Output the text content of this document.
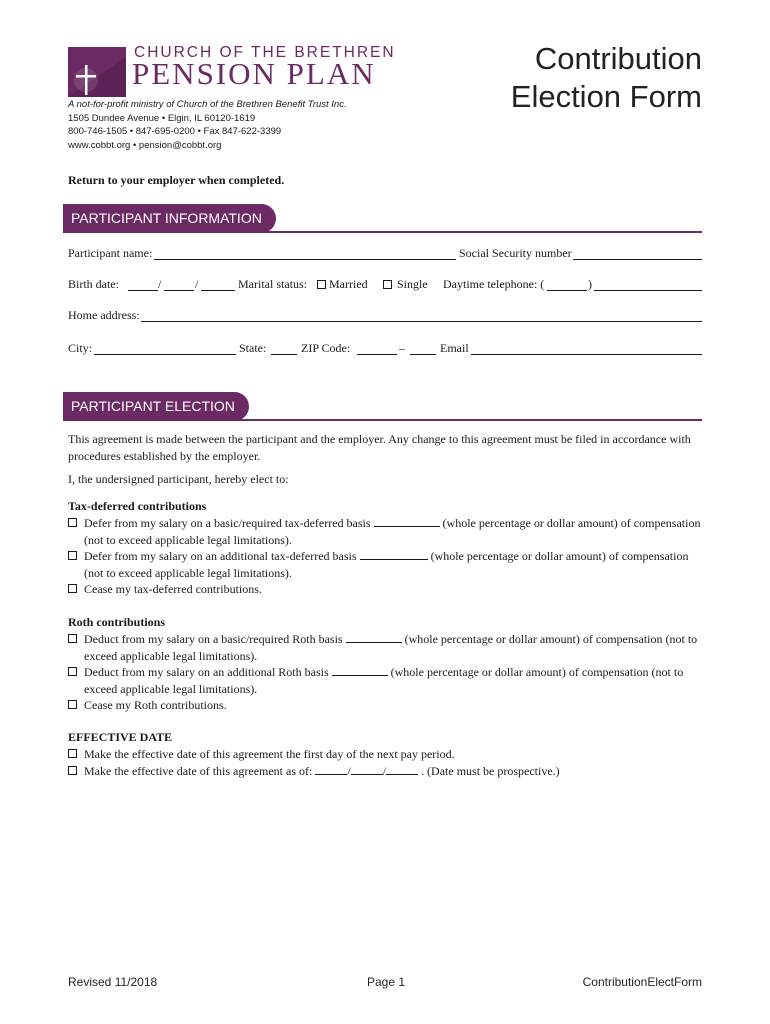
CHURCH OF THE BRETHREN
PENSION PLAN
A not-for-profit ministry of Church of the Brethren Benefit Trust Inc.
1505 Dundee Avenue • Elgin, IL 60120-1619
800-746-1505 • 847-695-0200 • Fax 847-622-3399
www.cobbt.org • pension@cobbt.org
Contribution
Election Form
Return to your employer when completed.
PARTICIPANT INFORMATION
Participant name:	Social Security number
Birth date:	/	/	Marital status: Married Single Daytime telephone: (	)
Home address:
City:	State:	ZIP Code:	–	Email
PARTICIPANT ELECTION
This agreement is made between the participant and the employer. Any change to this agreement must be filed in accordance with procedures established by the employer.
I, the undersigned participant, hereby elect to:
Tax-deferred contributions
Defer from my salary on a basic/required tax-deferred basis	(whole percentage or dollar amount) of compensation (not to exceed applicable legal limitations).
Defer from my salary on an additional tax-deferred basis	(whole percentage or dollar amount) of compensation (not to exceed applicable legal limitations).
Cease my tax-deferred contributions.
Roth contributions
Deduct from my salary on a basic/required Roth basis	(whole percentage or dollar amount) of compensation (not to exceed applicable legal limitations).
Deduct from my salary on an additional Roth basis	(whole percentage or dollar amount) of compensation (not to exceed applicable legal limitations).
Cease my Roth contributions.
EFFECTIVE DATE
Make the effective date of this agreement the first day of the next pay period.
Make the effective date of this agreement as of:	/	/	. (Date must be prospective.)
Revised 11/2018	Page 1	ContributionElectForm
